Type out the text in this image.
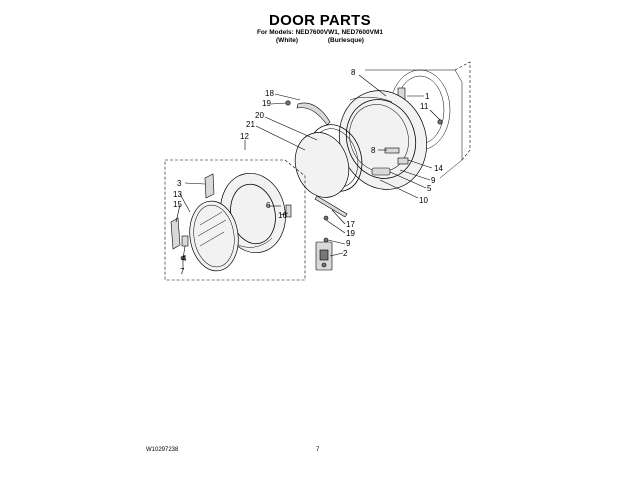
DOOR PARTS
For Models: NED7600VW1, NED7600VM1
(White)	(Burlesque)
8
1
11
18
19
20
21
12
8
14
9
5
10
3
6
16
13
15
17
19
9
2
4
7
W10297238	7
